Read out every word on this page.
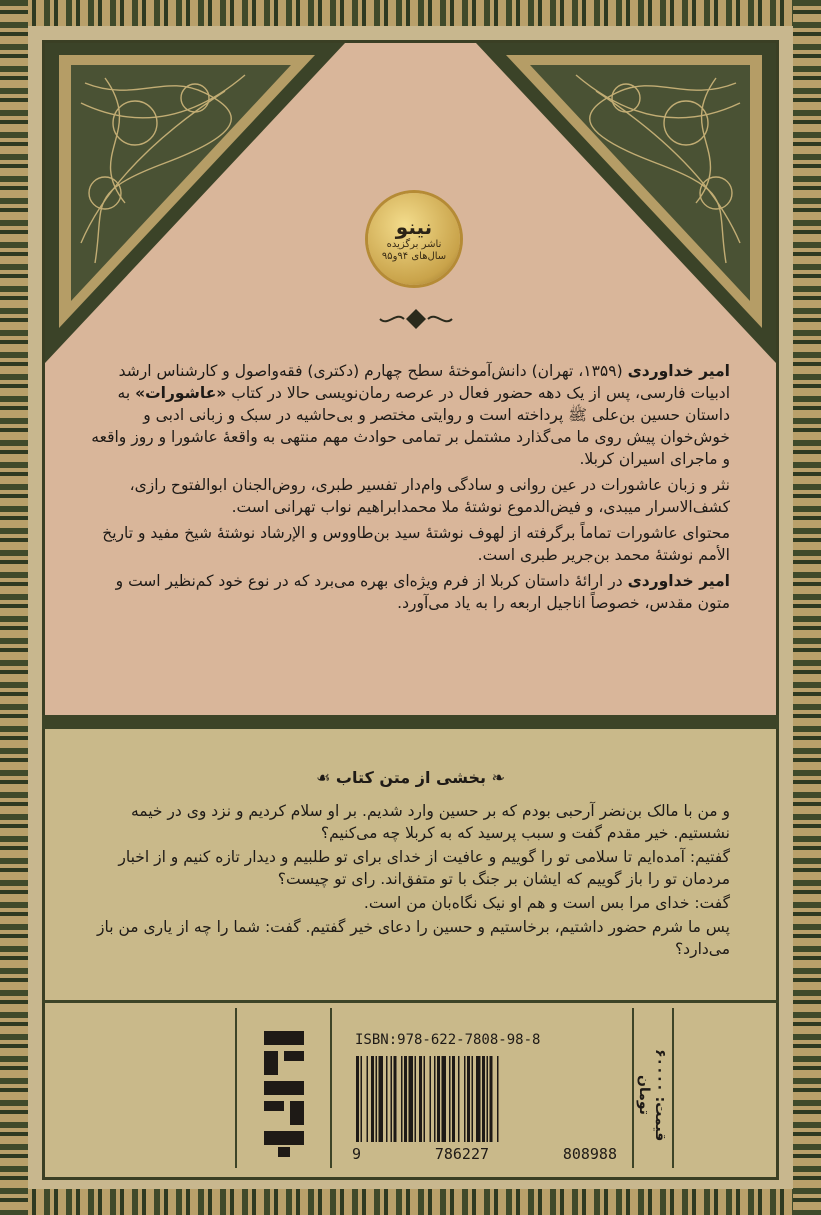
ﻧﻴﻨﻮ
ناشر برگزیده
سال‌های ۹۴و۹۵

امیر خداوردی (۱۳۵۹، تهران) دانش‌آموختهٔ سطح چهارم (دکتری) فقه‌واصول و کارشناس ارشد ادبیات فارسی، پس از یک دهه حضور فعال در عرصه رمان‌نویسی حالا در کتاب «عاشورات» به داستان حسین بن‌علی ﷺ پرداخته است و روایتی مختصر و بی‌حاشیه در سبک و زبانی ادبی و خوش‌خوان پیش روی ما می‌گذارد مشتمل بر تمامی حوادث مهم منتهی به واقعهٔ عاشورا و روز واقعه و ماجرای اسیران کربلا.

نثر و زبان عاشورات در عین روانی و سادگی وام‌دار تفسیر طبری، روض‌الجنان ابوالفتوح رازی، کشف‌الاسرار میبدی، و فیض‌الدموع نوشتهٔ ملا محمدابراهیم نواب تهرانی است.

محتوای عاشورات تماماً برگرفته از لهوف نوشتهٔ سید بن‌طاووس و الإرشاد نوشتهٔ شیخ مفید و تاریخ الأمم نوشتهٔ محمد بن‌جریر طبری است.

امیر خداوردی در ارائهٔ داستان کربلا از فرم ویژه‌ای بهره می‌برد که در نوع خود کم‌نظیر است و متون مقدس، خصوصاً اناجیل اربعه را به یاد می‌آورد.

❧ بخشی از متن کتاب ☙

و من با مالک بن‌نضر آرحبی بودم که بر حسین وارد شدیم. بر او سلام کردیم و نزد وی در خیمه نشستیم. خیر مقدم گفت و سبب پرسید که به کربلا چه می‌کنیم؟

گفتیم: آمده‌ایم تا سلامی تو را گوییم و عافیت از خدای برای تو طلبیم و دیدار تازه کنیم و از اخبار مردمان تو را باز گوییم که ایشان بر جنگ با تو متفق‌اند. رای تو چیست؟

گفت: خدای مرا بس است و هم او نیک نگاه‌بان من است.

پس ما شرم حضور داشتیم، برخاستیم و حسین را دعای خیر گفتیم. گفت: شما را چه از یاری من باز می‌دارد؟

ISBN:978-622-7808-98-8
9	786227	808988
قیمت: ۶۰۰۰۰ تومان
